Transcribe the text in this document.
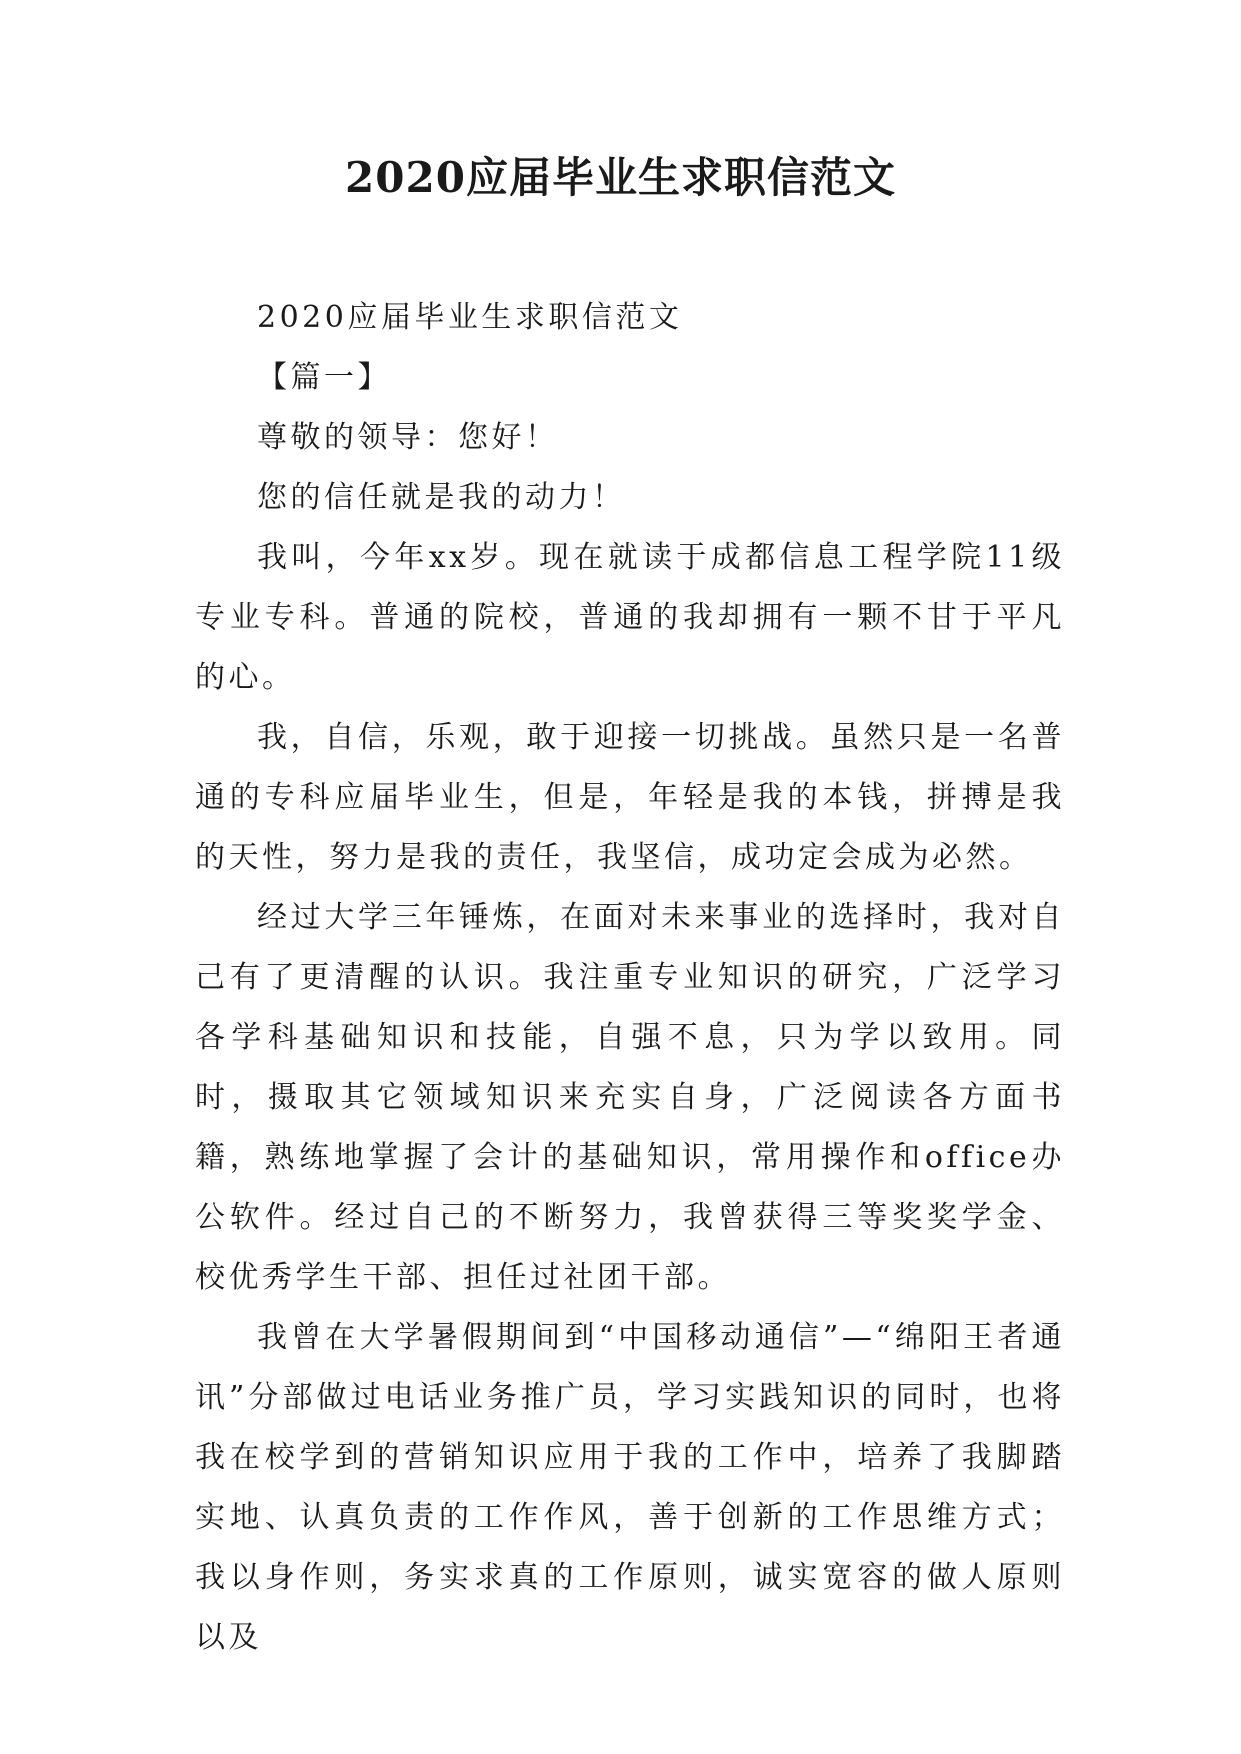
2020应届毕业生求职信范文

2020应届毕业生求职信范文

【篇一】

尊敬的领导：您好！

您的信任就是我的动力！

我叫，今年xx岁。现在就读于成都信息工程学院11级专业专科。普通的院校，普通的我却拥有一颗不甘于平凡的心。

我，自信，乐观，敢于迎接一切挑战。虽然只是一名普通的专科应届毕业生，但是，年轻是我的本钱，拼搏是我的天性，努力是我的责任，我坚信，成功定会成为必然。

经过大学三年锤炼，在面对未来事业的选择时，我对自己有了更清醒的认识。我注重专业知识的研究，广泛学习各学科基础知识和技能，自强不息，只为学以致用。同时，摄取其它领域知识来充实自身，广泛阅读各方面书籍，熟练地掌握了会计的基础知识，常用操作和office办公软件。经过自己的不断努力，我曾获得三等奖奖学金、校优秀学生干部、担任过社团干部。

我曾在大学暑假期间到“中国移动通信”—“绵阳王者通讯”分部做过电话业务推广员，学习实践知识的同时，也将我在校学到的营销知识应用于我的工作中，培养了我脚踏实地、认真负责的工作作风，善于创新的工作思维方式；我以身作则，务实求真的工作原则，诚实宽容的做人原则以及
